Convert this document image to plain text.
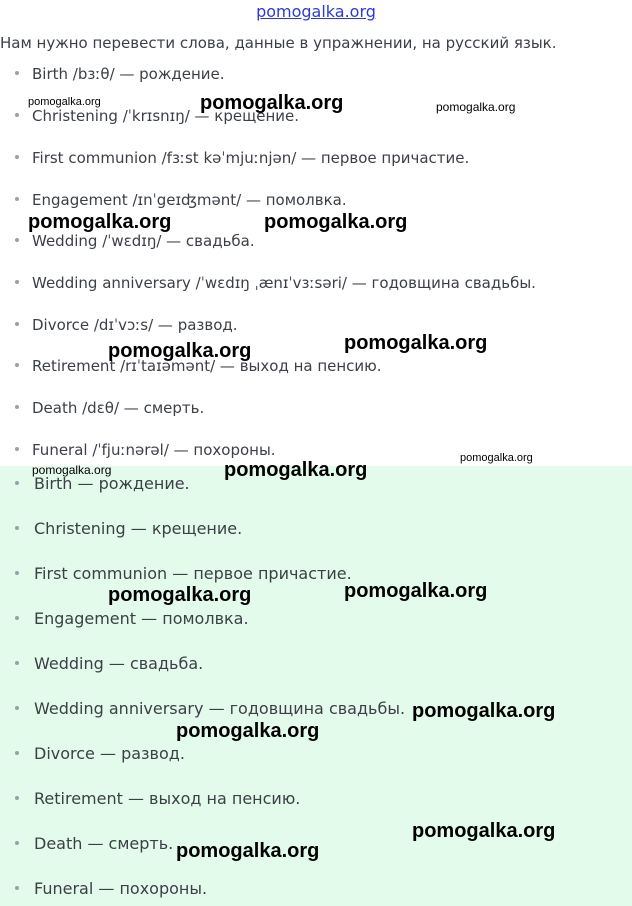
pomogalka.org
Нам нужно перевести слова, данные в упражнении, на русский язык.
Birth /bɜːθ/ — рождение.
Christening /ˈkrɪsnɪŋ/ — крещение.
First communion /fɜːst kəˈmjuːnjən/ — первое причастие.
Engagement /ɪnˈgeɪʤmənt/ — помолвка.
Wedding /ˈwɛdɪŋ/ — свадьба.
Wedding anniversary /ˈwɛdɪŋ ˌænɪˈvɜːsəri/ — годовщина свадьбы.
Divorce /dɪˈvɔːs/ — развод.
Retirement /rɪˈtaɪəmənt/ — выход на пенсию.
Death /dɛθ/ — смерть.
Funeral /ˈfjuːnərəl/ — похороны.
Birth — рождение.
Christening — крещение.
First communion — первое причастие.
Engagement — помолвка.
Wedding — свадьба.
Wedding anniversary — годовщина свадьбы.
Divorce — развод.
Retirement — выход на пенсию.
Death — смерть.
Funeral — похороны.
pomogalka.org	pomogalka.org	pomogalka.org
pomogalka.org	pomogalka.org
pomogalka.org	pomogalka.org
pomogalka.org	pomogalka.org
pomogalka.org
pomogalka.org	pomogalka.org
pomogalka.org
pomogalka.org
pomogalka.org
pomogalka.org
